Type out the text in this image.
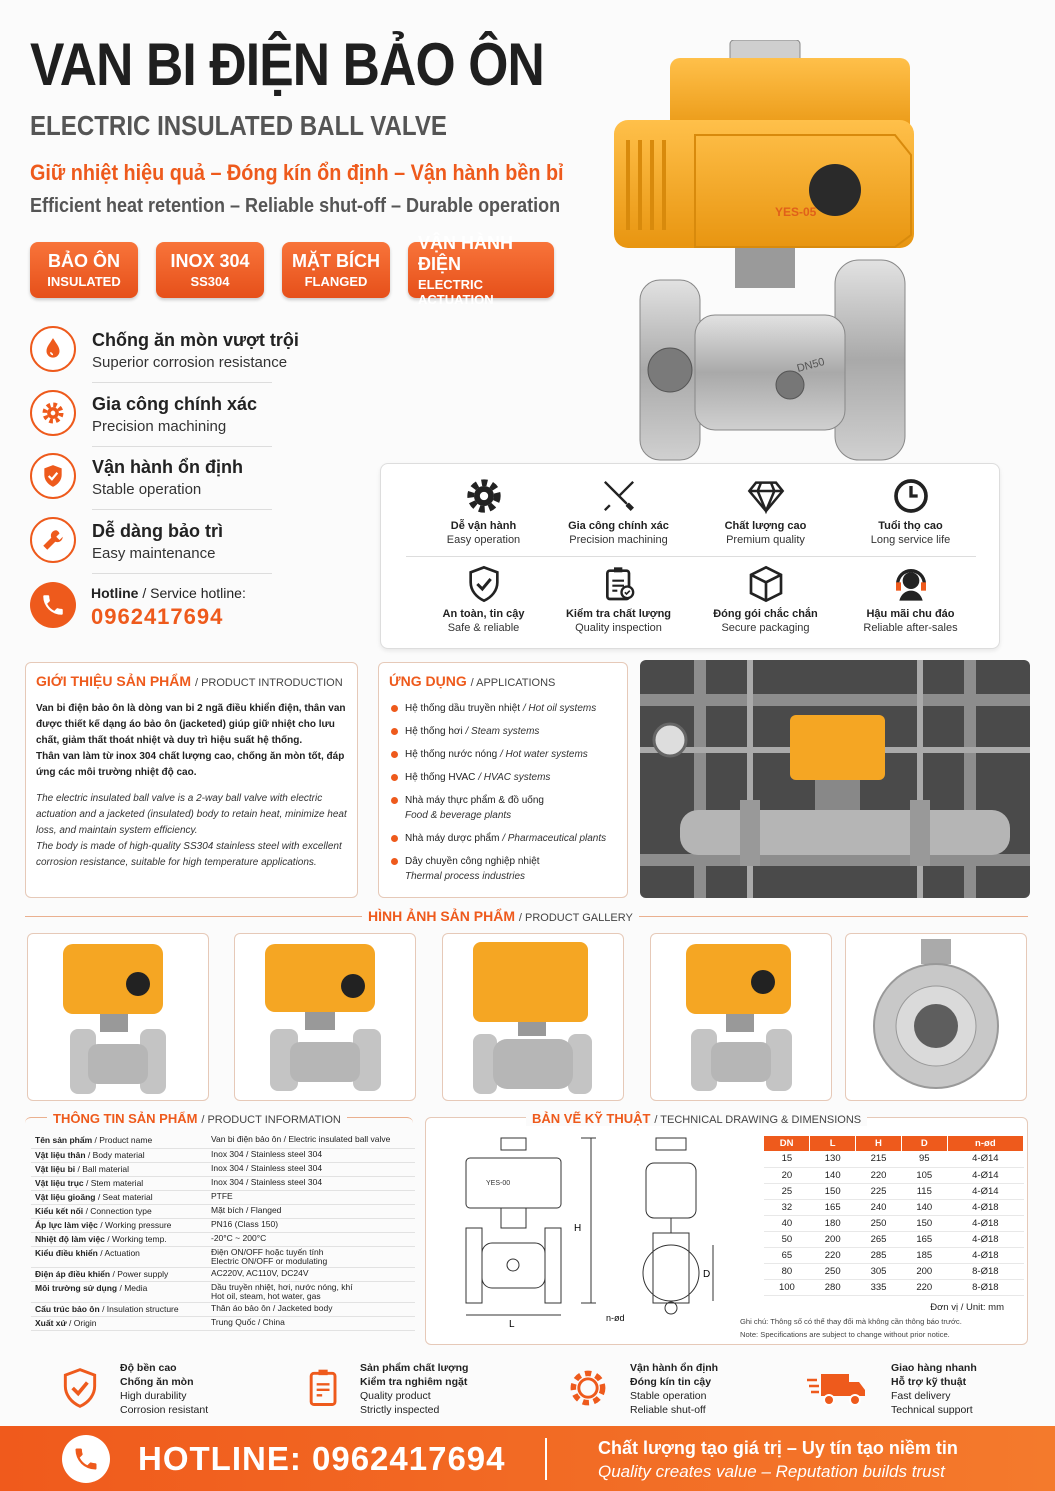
VAN BI ĐIỆN BẢO ÔN
ELECTRIC INSULATED BALL VALVE
Giữ nhiệt hiệu quả – Đóng kín ổn định – Vận hành bền bỉ
Efficient heat retention – Reliable shut-off – Durable operation
BẢO ÔN
INSULATED
INOX 304
SS304
MẶT BÍCH
FLANGED
VẬN HÀNH ĐIỆN
ELECTRIC ACTUATION
Chống ăn mòn vượt trội
Superior corrosion resistance
Gia công chính xác
Precision machining
Vận hành ổn định
Stable operation
Dễ dàng bảo trì
Easy maintenance
Hotline / Service hotline:
0962417694
YES-05
DN50
Dễ vận hành
Easy operation
Gia công chính xác
Precision machining
Chất lượng cao
Premium quality
Tuổi thọ cao
Long service life
An toàn, tin cậy
Safe & reliable
Kiểm tra chất lượng
Quality inspection
Đóng gói chắc chắn
Secure packaging
Hậu mãi chu đáo
Reliable after-sales
GIỚI THIỆU SẢN PHẨM / PRODUCT INTRODUCTION

Van bi điện bảo ôn là dòng van bi 2 ngã điều khiển điện, thân van được thiết kế dạng áo bảo ôn (jacketed) giúp giữ nhiệt cho lưu chất, giảm thất thoát nhiệt và duy trì hiệu suất hệ thống.

Thân van làm từ inox 304 chất lượng cao, chống ăn mòn tốt, đáp ứng các môi trường nhiệt độ cao.

The electric insulated ball valve is a 2-way ball valve with electric actuation and a jacketed (insulated) body to retain heat, minimize heat loss, and maintain system efficiency.

The body is made of high-quality SS304 stainless steel with excellent corrosion resistance, suitable for high temperature applications.

ỨNG DỤNG / APPLICATIONS
Hệ thống dầu truyền nhiệt / Hot oil systems
Hệ thống hơi / Steam systems
Hệ thống nước nóng / Hot water systems
Hệ thống HVAC / HVAC systems
Nhà máy thực phẩm & đồ uống
Food & beverage plants
Nhà máy dược phẩm / Pharmaceutical plants
Dây chuyền công nghiệp nhiệt
Thermal process industries
HÌNH ẢNH SẢN PHẨM / PRODUCT GALLERY
THÔNG TIN SẢN PHẨM / PRODUCT INFORMATION
Tên sản phẩm / Product name	Van bi điện bảo ôn / Electric insulated ball valve
Vật liệu thân / Body material	Inox 304 / Stainless steel 304
Vật liệu bi / Ball material	Inox 304 / Stainless steel 304
Vật liệu trục / Stem material	Inox 304 / Stainless steel 304
Vật liệu gioăng / Seat material	PTFE
Kiểu kết nối / Connection type	Mặt bích / Flanged
Áp lực làm việc / Working pressure	PN16 (Class 150)
Nhiệt độ làm việc / Working temp.	-20°C ~ 200°C
Kiểu điều khiển / Actuation	Điện ON/OFF hoặc tuyến tính
Electric ON/OFF or modulating
Điện áp điều khiển / Power supply	AC220V, AC110V, DC24V
Môi trường sử dụng / Media	Dầu truyền nhiệt, hơi, nước nóng, khí
Hot oil, steam, hot water, gas
Cấu trúc bảo ôn / Insulation structure	Thân áo bảo ôn / Jacketed body
Xuất xứ / Origin	Trung Quốc / China
BẢN VẼ KỸ THUẬT / TECHNICAL DRAWING & DIMENSIONS
YES-00
H
L
D
n-ød
DN	L	H	D	n-ød
15	130	215	95	4-Ø14
20	140	220	105	4-Ø14
25	150	225	115	4-Ø14
32	165	240	140	4-Ø18
40	180	250	150	4-Ø18
50	200	265	165	4-Ø18
65	220	285	185	4-Ø18
80	250	305	200	8-Ø18
100	280	335	220	8-Ø18
Đơn vị / Unit: mm
Ghi chú: Thông số có thể thay đổi mà không cần thông báo trước.
Note: Specifications are subject to change without prior notice.
Độ bền cao
Chống ăn mòn
High durability
Corrosion resistant
Sản phẩm chất lượng
Kiểm tra nghiêm ngặt
Quality product
Strictly inspected
Vận hành ổn định
Đóng kín tin cậy
Stable operation
Reliable shut-off
Giao hàng nhanh
Hỗ trợ kỹ thuật
Fast delivery
Technical support
HOTLINE: 0962417694	Chất lượng tạo giá trị – Uy tín tạo niềm tin
Quality creates value – Reputation builds trust
